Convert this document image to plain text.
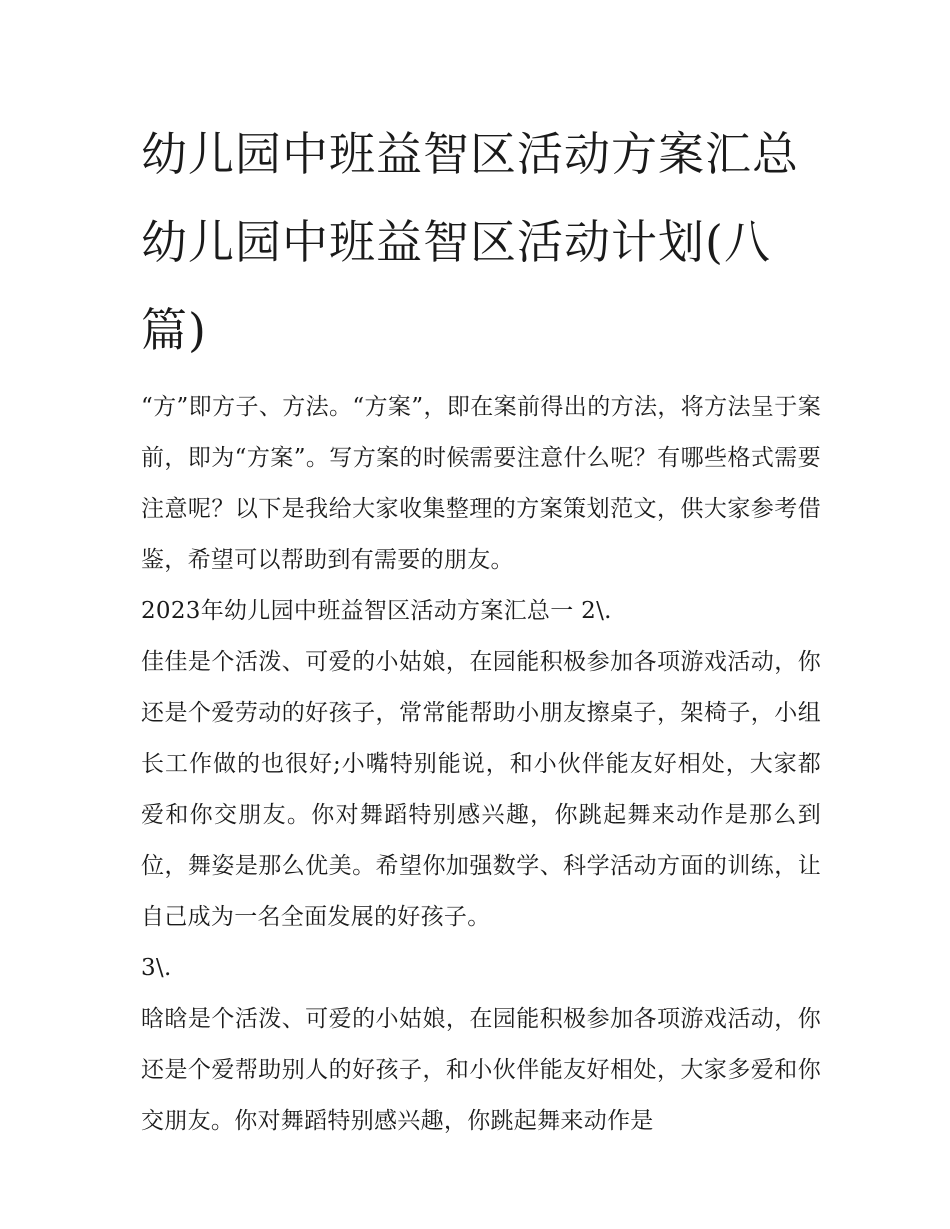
幼儿园中班益智区活动方案汇总 幼儿园中班益智区活动计划(八篇)

“方”即方子、方法。“方案”，即在案前得出的方法，将方法呈于案前，即为“方案”。写方案的时候需要注意什么呢？有哪些格式需要注意呢？以下是我给大家收集整理的方案策划范文，供大家参考借鉴，希望可以帮助到有需要的朋友。

2023年幼儿园中班益智区活动方案汇总一 2\.

佳佳是个活泼、可爱的小姑娘，在园能积极参加各项游戏活动，你还是个爱劳动的好孩子，常常能帮助小朋友擦桌子，架椅子，小组长工作做的也很好;小嘴特别能说，和小伙伴能友好相处，大家都爱和你交朋友。你对舞蹈特别感兴趣，你跳起舞来动作是那么到位，舞姿是那么优美。希望你加强数学、科学活动方面的训练，让自己成为一名全面发展的好孩子。

3\.

晗晗是个活泼、可爱的小姑娘，在园能积极参加各项游戏活动，你还是个爱帮助别人的好孩子，和小伙伴能友好相处，大家多爱和你交朋友。你对舞蹈特别感兴趣，你跳起舞来动作是
